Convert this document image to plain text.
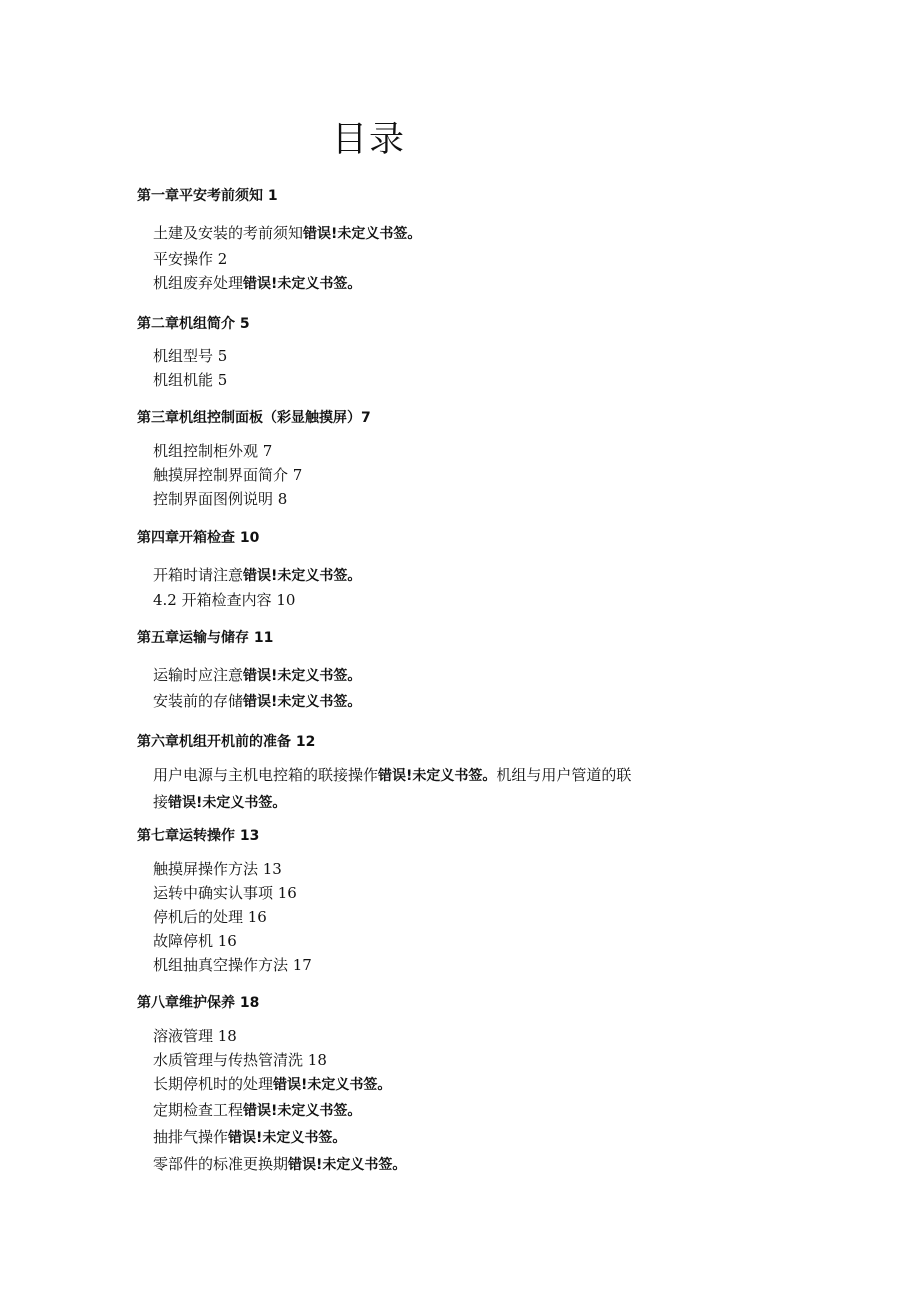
目录
第一章平安考前须知 1
土建及安装的考前须知错误!未定义书签。
平安操作 2
机组废弃处理错误!未定义书签。
第二章机组简介 5
机组型号 5
机组机能 5
第三章机组控制面板（彩显触摸屏）7
机组控制柜外观 7
触摸屏控制界面简介 7
控制界面图例说明 8
第四章开箱检查 10
开箱时请注意错误!未定义书签。
4.2 开箱检查内容 10
第五章运输与储存 11
运输时应注意错误!未定义书签。
安装前的存储错误!未定义书签。
第六章机组开机前的准备 12
用户电源与主机电控箱的联接操作错误!未定义书签。机组与用户管道的联接错误!未定义书签。
第七章运转操作 13
触摸屏操作方法 13
运转中确实认事项 16
停机后的处理 16
故障停机 16
机组抽真空操作方法 17
第八章维护保养 18
溶液管理 18
水质管理与传热管清洗 18
长期停机时的处理错误!未定义书签。
定期检查工程错误!未定义书签。
抽排气操作错误!未定义书签。
零部件的标准更换期错误!未定义书签。
